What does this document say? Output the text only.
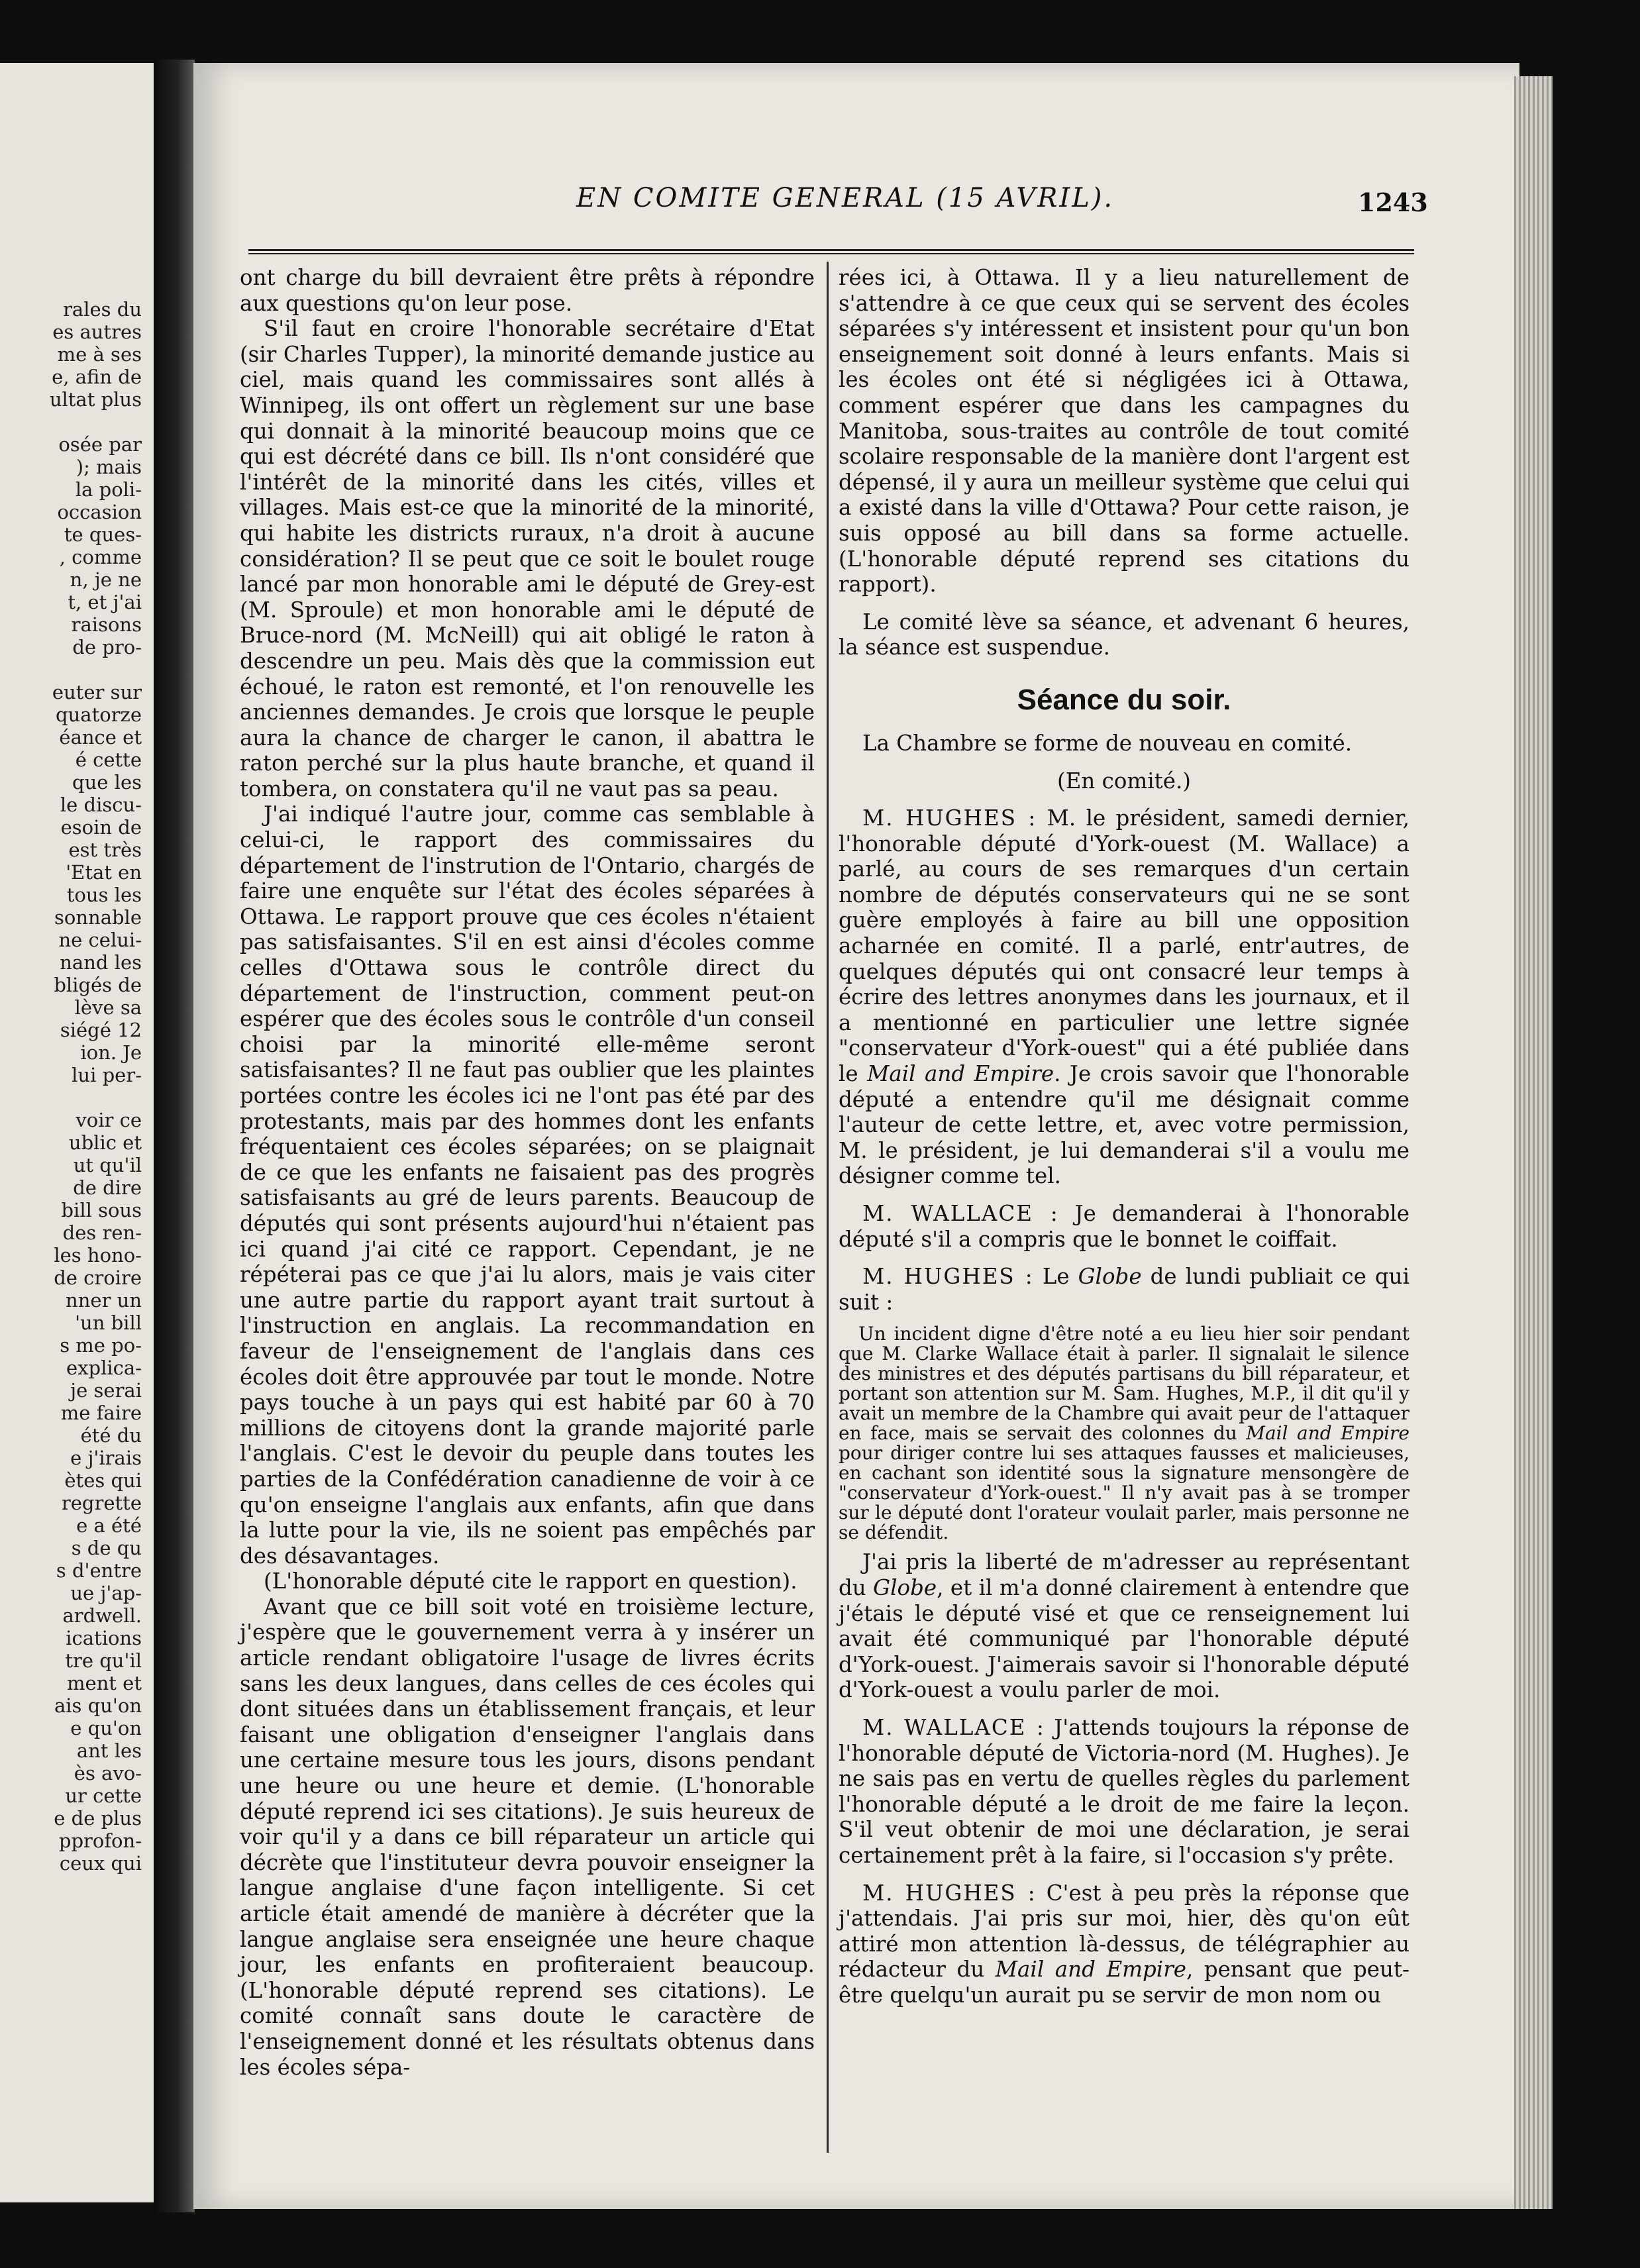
rales du
es autres
me à ses
e, afin de
ultat plus

osée par
); mais
la poli-
occasion
te ques-
, comme
n, je ne
t, et j'ai
raisons
de pro-

euter sur
quatorze
éance et
é cette
que les
le discu-
esoin de
est très
'Etat en
tous les
sonnable
ne celui-
nand les
bligés de
lève sa
siégé 12
ion. Je
lui per-

voir ce
ublic et
ut qu'il
de dire
bill sous
des ren-
les hono-
de croire
nner un
'un bill
s me po-
explica-
je serai
me faire
été du
e j'irais
ètes qui
regrette
e a été
s de qu
s d'entre
ue j'ap-
ardwell.
ications
tre qu'il
ment et
ais qu'on
e qu'on
ant les
ès avo-
ur cette
e de plus
pprofon-
ceux qui
EN COMITE GENERAL (15 AVRIL).	1243

ont charge du bill devraient être prêts à répondre aux questions qu'on leur pose.

S'il faut en croire l'honorable secrétaire d'Etat (sir Charles Tupper), la minorité demande justice au ciel, mais quand les commissaires sont allés à Winnipeg, ils ont offert un règlement sur une base qui donnait à la minorité beaucoup moins que ce qui est décrété dans ce bill. Ils n'ont considéré que l'intérêt de la minorité dans les cités, villes et villages. Mais est-ce que la minorité de la minorité, qui habite les districts ruraux, n'a droit à aucune considération? Il se peut que ce soit le boulet rouge lancé par mon honorable ami le député de Grey-est (M. Sproule) et mon honorable ami le député de Bruce-nord (M. McNeill) qui ait obligé le raton à descendre un peu. Mais dès que la commission eut échoué, le raton est remonté, et l'on renouvelle les anciennes demandes. Je crois que lorsque le peuple aura la chance de charger le canon, il abattra le raton perché sur la plus haute branche, et quand il tombera, on constatera qu'il ne vaut pas sa peau.

J'ai indiqué l'autre jour, comme cas semblable à celui-ci, le rapport des commissaires du département de l'instrution de l'Ontario, chargés de faire une enquête sur l'état des écoles séparées à Ottawa. Le rapport prouve que ces écoles n'étaient pas satisfaisantes. S'il en est ainsi d'écoles comme celles d'Ottawa sous le contrôle direct du département de l'instruction, comment peut-on espérer que des écoles sous le contrôle d'un conseil choisi par la minorité elle-même seront satisfaisantes? Il ne faut pas oublier que les plaintes portées contre les écoles ici ne l'ont pas été par des protestants, mais par des hommes dont les enfants fréquentaient ces écoles séparées; on se plaignait de ce que les enfants ne faisaient pas des progrès satisfaisants au gré de leurs parents. Beaucoup de députés qui sont présents aujourd'hui n'étaient pas ici quand j'ai cité ce rapport. Cependant, je ne répéterai pas ce que j'ai lu alors, mais je vais citer une autre partie du rapport ayant trait surtout à l'instruction en anglais. La recommandation en faveur de l'enseignement de l'anglais dans ces écoles doit être approuvée par tout le monde. Notre pays touche à un pays qui est habité par 60 à 70 millions de citoyens dont la grande majorité parle l'anglais. C'est le devoir du peuple dans toutes les parties de la Confédération canadienne de voir à ce qu'on enseigne l'anglais aux enfants, afin que dans la lutte pour la vie, ils ne soient pas empêchés par des désavantages.

(L'honorable député cite le rapport en question).

Avant que ce bill soit voté en troisième lecture, j'espère que le gouvernement verra à y insérer un article rendant obligatoire l'usage de livres écrits sans les deux langues, dans celles de ces écoles qui dont situées dans un établissement français, et leur faisant une obligation d'enseigner l'anglais dans une certaine mesure tous les jours, disons pendant une heure ou une heure et demie. (L'honorable député reprend ici ses citations). Je suis heureux de voir qu'il y a dans ce bill réparateur un article qui décrète que l'instituteur devra pouvoir enseigner la langue anglaise d'une façon intelligente. Si cet article était amendé de manière à décréter que la langue anglaise sera enseignée une heure chaque jour, les enfants en profiteraient beaucoup. (L'honorable député reprend ses citations). Le comité connaît sans doute le caractère de l'enseignement donné et les résultats obtenus dans les écoles sépa-

rées ici, à Ottawa. Il y a lieu naturellement de s'attendre à ce que ceux qui se servent des écoles séparées s'y intéressent et insistent pour qu'un bon enseignement soit donné à leurs enfants. Mais si les écoles ont été si négligées ici à Ottawa, comment espérer que dans les campagnes du Manitoba, sous-traites au contrôle de tout comité scolaire responsable de la manière dont l'argent est dépensé, il y aura un meilleur système que celui qui a existé dans la ville d'Ottawa? Pour cette raison, je suis opposé au bill dans sa forme actuelle. (L'honorable député reprend ses citations du rapport).

Le comité lève sa séance, et advenant 6 heures, la séance est suspendue.

Séance du soir.

La Chambre se forme de nouveau en comité.

(En comité.)

M. HUGHES : M. le président, samedi dernier, l'honorable député d'York-ouest (M. Wallace) a parlé, au cours de ses remarques d'un certain nombre de députés conservateurs qui ne se sont guère employés à faire au bill une opposition acharnée en comité. Il a parlé, entr'autres, de quelques députés qui ont consacré leur temps à écrire des lettres anonymes dans les journaux, et il a mentionné en particulier une lettre signée "conservateur d'York-ouest" qui a été publiée dans le Mail and Empire. Je crois savoir que l'honorable député a entendre qu'il me désignait comme l'auteur de cette lettre, et, avec votre permission, M. le président, je lui demanderai s'il a voulu me désigner comme tel.

M. WALLACE : Je demanderai à l'honorable député s'il a compris que le bonnet le coiffait.

M. HUGHES : Le Globe de lundi publiait ce qui suit :

Un incident digne d'être noté a eu lieu hier soir pendant que M. Clarke Wallace était à parler. Il signalait le silence des ministres et des députés partisans du bill réparateur, et portant son attention sur M. Sam. Hughes, M.P., il dit qu'il y avait un membre de la Chambre qui avait peur de l'attaquer en face, mais se servait des colonnes du Mail and Empire pour diriger contre lui ses attaques fausses et malicieuses, en cachant son identité sous la signature mensongère de "conservateur d'York-ouest." Il n'y avait pas à se tromper sur le député dont l'orateur voulait parler, mais personne ne se défendit.

J'ai pris la liberté de m'adresser au représentant du Globe, et il m'a donné clairement à entendre que j'étais le député visé et que ce renseignement lui avait été communiqué par l'honorable député d'York-ouest. J'aimerais savoir si l'honorable député d'York-ouest a voulu parler de moi.

M. WALLACE : J'attends toujours la réponse de l'honorable député de Victoria-nord (M. Hughes). Je ne sais pas en vertu de quelles règles du parlement l'honorable député a le droit de me faire la leçon. S'il veut obtenir de moi une déclaration, je serai certainement prêt à la faire, si l'occasion s'y prête.

M. HUGHES : C'est à peu près la réponse que j'attendais. J'ai pris sur moi, hier, dès qu'on eût attiré mon attention là-dessus, de télégraphier au rédacteur du Mail and Empire, pensant que peut-être quelqu'un aurait pu se servir de mon nom ou
